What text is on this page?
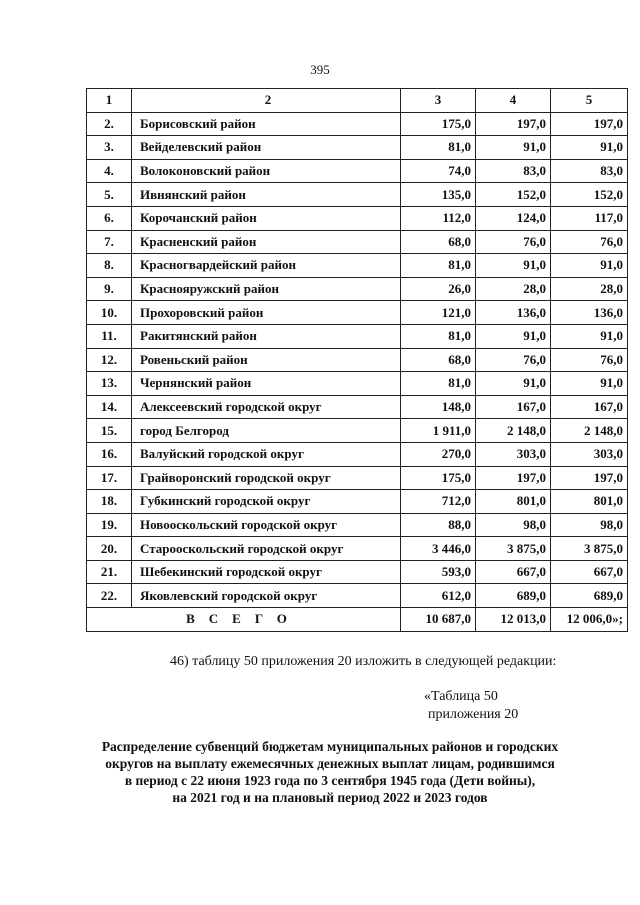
395
1	2	3	4	5
2.	Борисовский район	175,0	197,0	197,0
3.	Вейделевский район	81,0	91,0	91,0
4.	Волоконовский район	74,0	83,0	83,0
5.	Ивнянский район	135,0	152,0	152,0
6.	Корочанский район	112,0	124,0	117,0
7.	Красненский район	68,0	76,0	76,0
8.	Красногвардейский район	81,0	91,0	91,0
9.	Краснояружский район	26,0	28,0	28,0
10.	Прохоровский район	121,0	136,0	136,0
11.	Ракитянский район	81,0	91,0	91,0
12.	Ровеньский район	68,0	76,0	76,0
13.	Чернянский район	81,0	91,0	91,0
14.	Алексеевский городской округ	148,0	167,0	167,0
15.	город Белгород	1 911,0	2 148,0	2 148,0
16.	Валуйский городской округ	270,0	303,0	303,0
17.	Грайворонский городской округ	175,0	197,0	197,0
18.	Губкинский городской округ	712,0	801,0	801,0
19.	Новооскольский городской округ	88,0	98,0	98,0
20.	Старооскольский городской округ	3 446,0	3 875,0	3 875,0
21.	Шебекинский городской округ	593,0	667,0	667,0
22.	Яковлевский городской округ	612,0	689,0	689,0
ВСЕГО		10 687,0	12 013,0	12 006,0»;
46) таблицу 50 приложения 20 изложить в следующей редакции:
«Таблица 50
приложения 20
Распределение субвенций бюджетам муниципальных районов и городских
округов на выплату ежемесячных денежных выплат лицам, родившимся
в период с 22 июня 1923 года по 3 сентября 1945 года (Дети войны),
на 2021 год и на плановый период 2022 и 2023 годов
